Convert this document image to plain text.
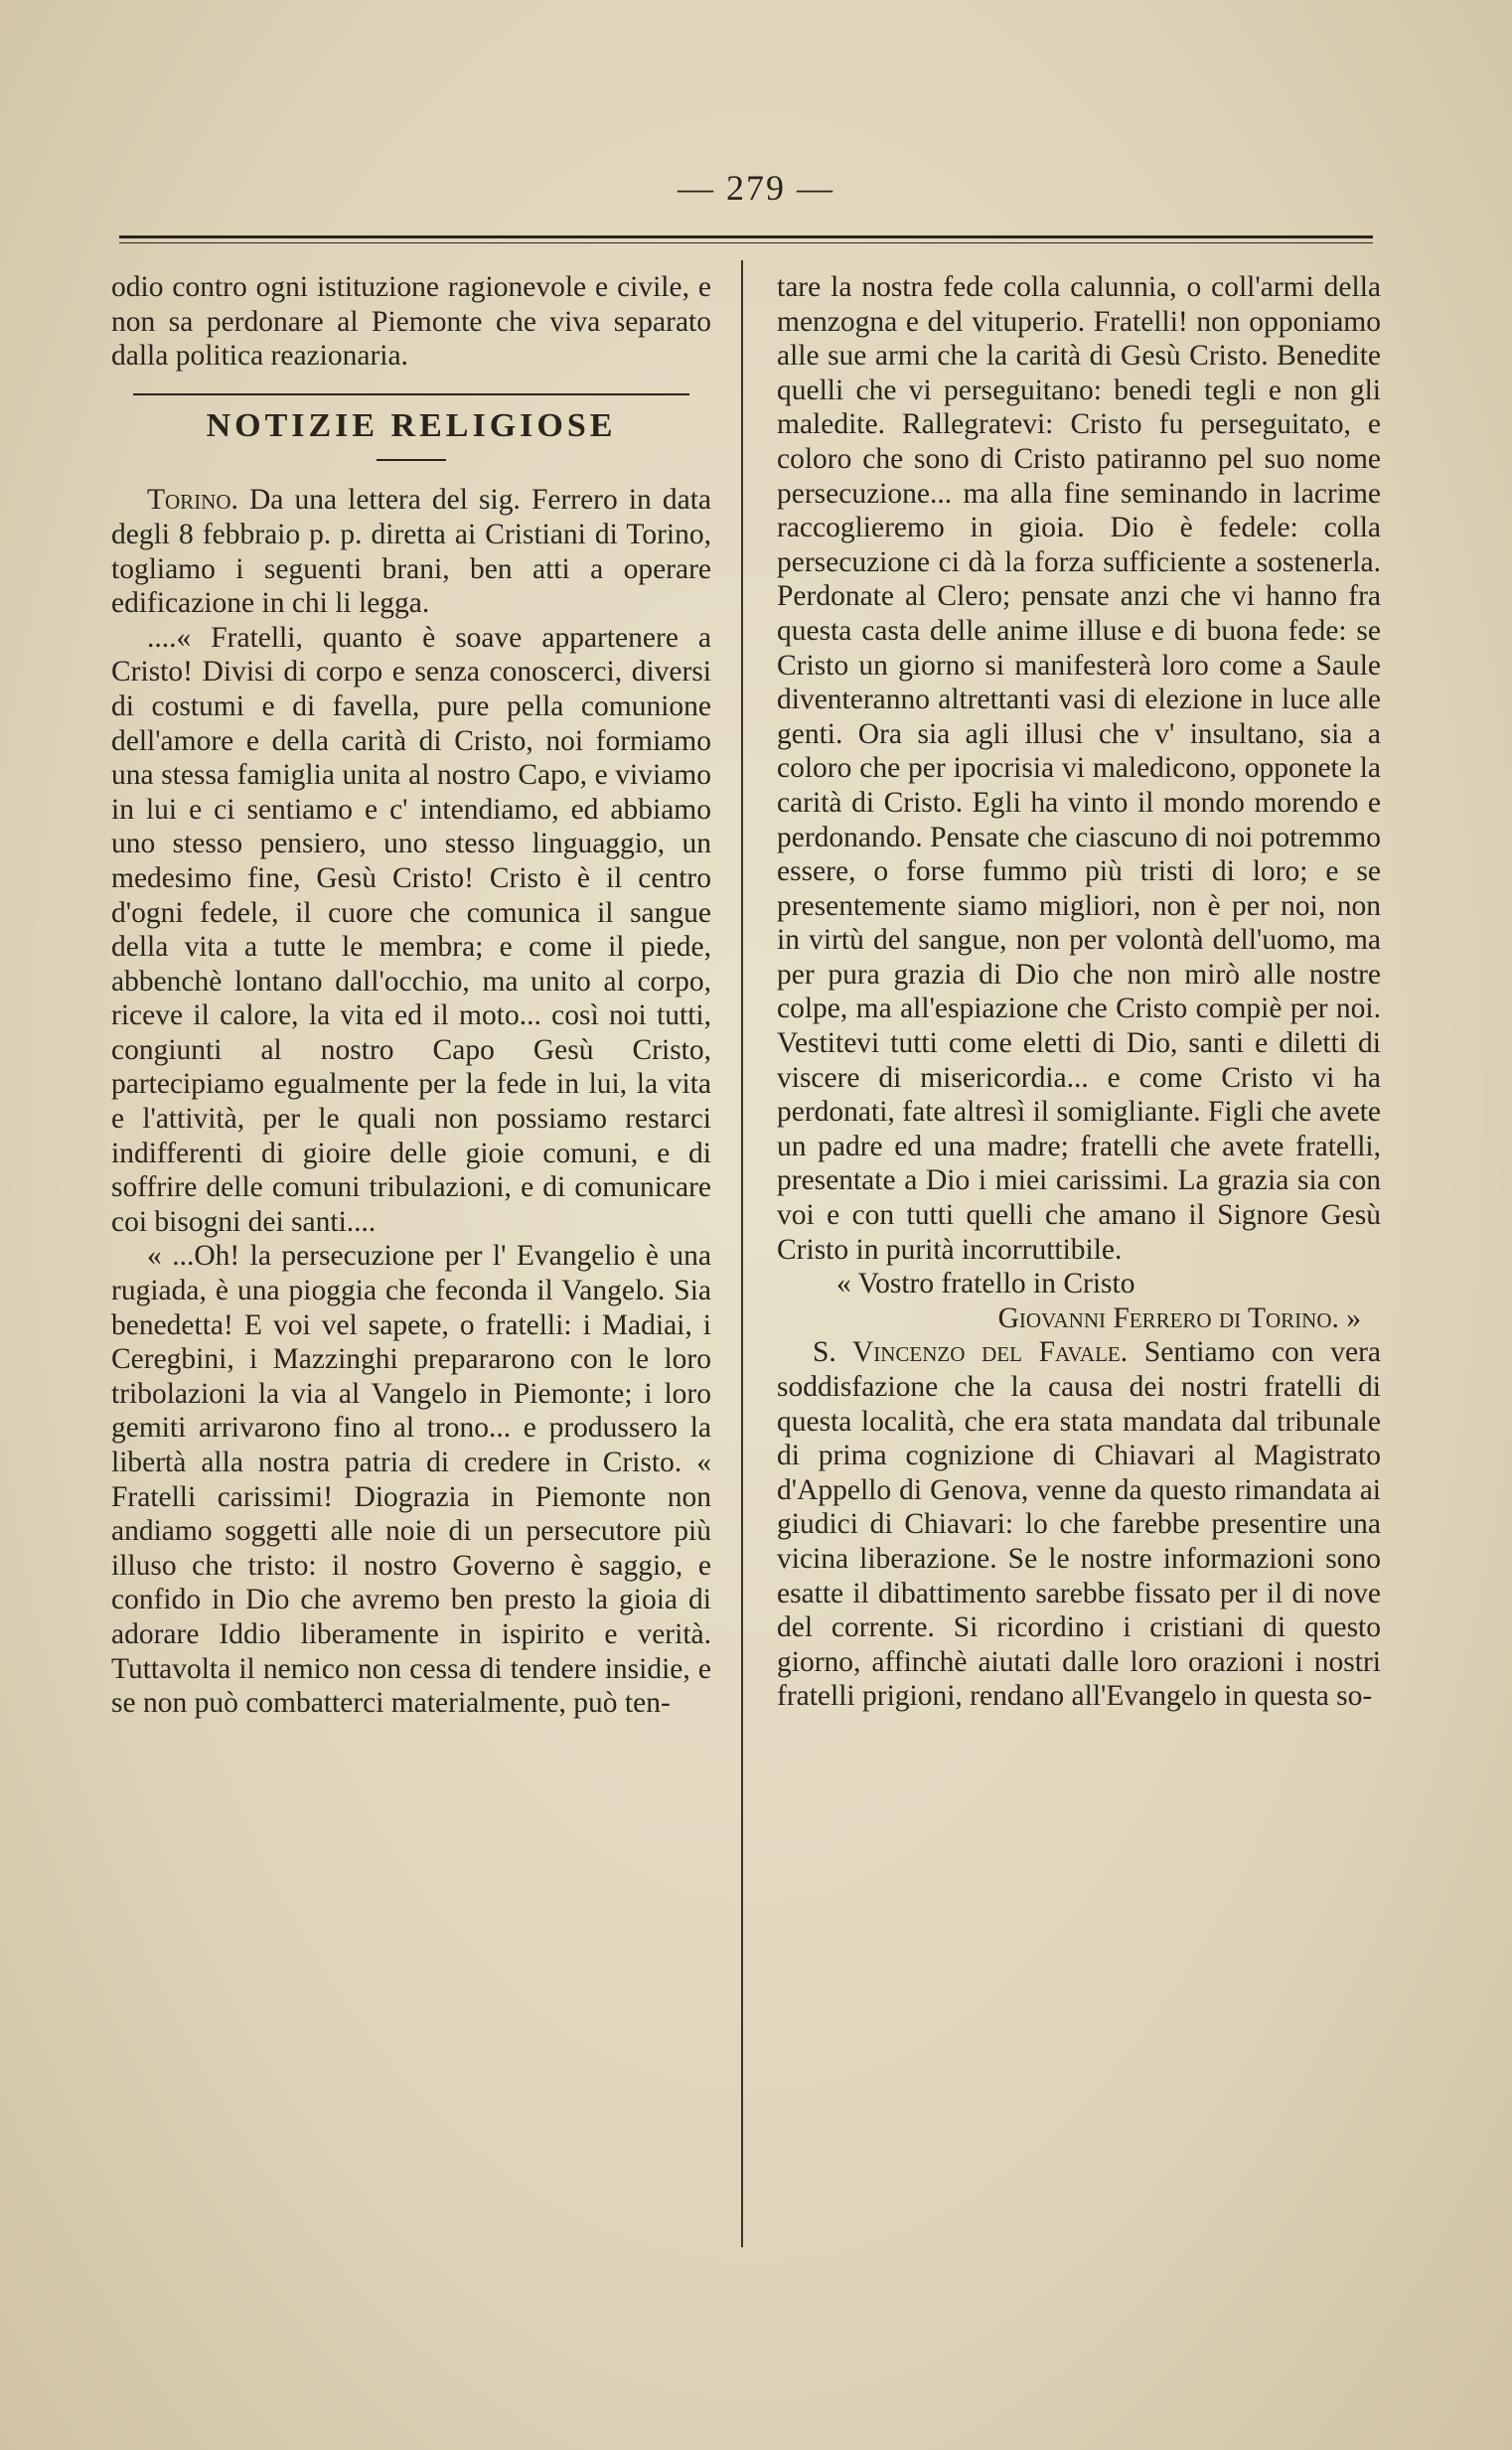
— 279 —

odio contro ogni istituzione ragionevole e civile, e non sa perdonare al Piemonte che viva separato dalla politica reazionaria.

NOTIZIE RELIGIOSE

Torino. Da una lettera del sig. Ferrero in data degli 8 febbraio p. p. diretta ai Cristiani di Torino, togliamo i seguenti brani, ben atti a operare edificazione in chi li legga.

....« Fratelli, quanto è soave appartenere a Cristo! Divisi di corpo e senza conoscerci, diversi di costumi e di favella, pure pella comunione dell'amore e della carità di Cristo, noi formiamo una stessa famiglia unita al nostro Capo, e viviamo in lui e ci sentiamo e c' intendiamo, ed abbiamo uno stesso pensiero, uno stesso linguaggio, un medesimo fine, Gesù Cristo! Cristo è il centro d'ogni fedele, il cuore che comunica il sangue della vita a tutte le membra; e come il piede, abbenchè lontano dall'occhio, ma unito al corpo, riceve il calore, la vita ed il moto... così noi tutti, congiunti al nostro Capo Gesù Cristo, partecipiamo egualmente per la fede in lui, la vita e l'attività, per le quali non possiamo restarci indifferenti di gioire delle gioie comuni, e di soffrire delle comuni tribulazioni, e di comunicare coi bisogni dei santi....

« ...Oh! la persecuzione per l' Evangelio è una rugiada, è una pioggia che feconda il Vangelo. Sia benedetta! E voi vel sapete, o fratelli: i Madiai, i Ceregbini, i Mazzinghi prepararono con le loro tribolazioni la via al Vangelo in Piemonte; i loro gemiti arrivarono fino al trono... e produssero la libertà alla nostra patria di credere in Cristo. « Fratelli carissimi! Diograzia in Piemonte non andiamo soggetti alle noie di un persecutore più illuso che tristo: il nostro Governo è saggio, e confido in Dio che avremo ben presto la gioia di adorare Iddio liberamente in ispirito e verità. Tuttavolta il nemico non cessa di tendere insidie, e se non può combatterci materialmente, può ten-

tare la nostra fede colla calunnia, o coll'armi della menzogna e del vituperio. Fratelli! non opponiamo alle sue armi che la carità di Gesù Cristo. Benedite quelli che vi perseguitano: benedi tegli e non gli maledite. Rallegratevi: Cristo fu perseguitato, e coloro che sono di Cristo patiranno pel suo nome persecuzione... ma alla fine seminando in lacrime raccoglieremo in gioia. Dio è fedele: colla persecuzione ci dà la forza sufficiente a sostenerla. Perdonate al Clero; pensate anzi che vi hanno fra questa casta delle anime illuse e di buona fede: se Cristo un giorno si manifesterà loro come a Saule diventeranno altrettanti vasi di elezione in luce alle genti. Ora sia agli illusi che v' insultano, sia a coloro che per ipocrisia vi maledicono, opponete la carità di Cristo. Egli ha vinto il mondo morendo e perdonando. Pensate che ciascuno di noi potremmo essere, o forse fummo più tristi di loro; e se presentemente siamo migliori, non è per noi, non in virtù del sangue, non per volontà dell'uomo, ma per pura grazia di Dio che non mirò alle nostre colpe, ma all'espiazione che Cristo compiè per noi. Vestitevi tutti come eletti di Dio, santi e diletti di viscere di misericordia... e come Cristo vi ha perdonati, fate altresì il somigliante. Figli che avete un padre ed una madre; fratelli che avete fratelli, presentate a Dio i miei carissimi. La grazia sia con voi e con tutti quelli che amano il Signore Gesù Cristo in purità incorruttibile.

« Vostro fratello in Cristo

Giovanni Ferrero di Torino. »

S. Vincenzo del Favale. Sentiamo con vera soddisfazione che la causa dei nostri fratelli di questa località, che era stata mandata dal tribunale di prima cognizione di Chiavari al Magistrato d'Appello di Genova, venne da questo rimandata ai giudici di Chiavari: lo che farebbe presentire una vicina liberazione. Se le nostre informazioni sono esatte il dibattimento sarebbe fissato per il di nove del corrente. Si ricordino i cristiani di questo giorno, affinchè aiutati dalle loro orazioni i nostri fratelli prigioni, rendano all'Evangelo in questa so-
